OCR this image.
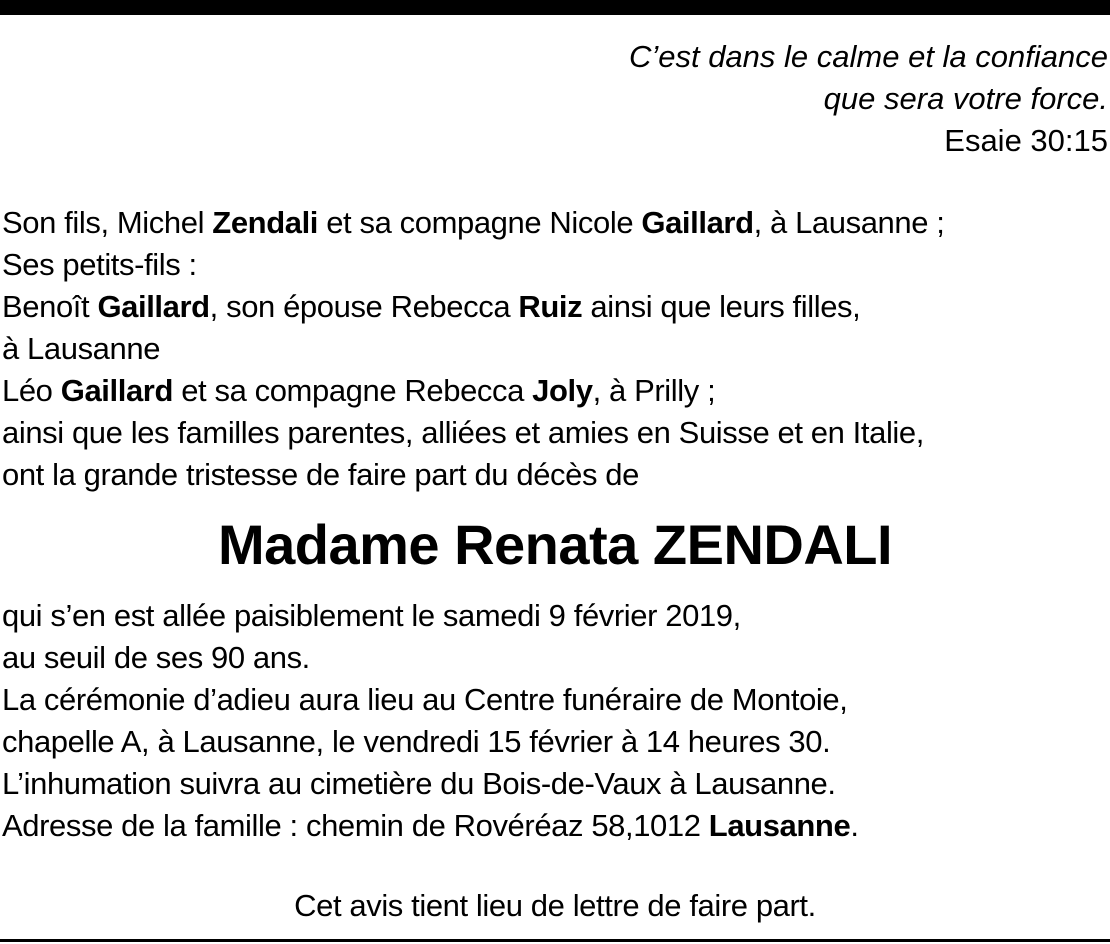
C’est dans le calme et la confiance
que sera votre force.
Esaie 30:15
Son fils, Michel Zendali et sa compagne Nicole Gaillard, à Lausanne ;
Ses petits-fils :
Benoît Gaillard, son épouse Rebecca Ruiz ainsi que leurs filles,
à Lausanne
Léo Gaillard et sa compagne Rebecca Joly, à Prilly ;
ainsi que les familles parentes, alliées et amies en Suisse et en Italie,
ont la grande tristesse de faire part du décès de
Madame Renata ZENDALI
qui s’en est allée paisiblement le samedi 9 février 2019,
au seuil de ses 90 ans.
La cérémonie d’adieu aura lieu au Centre funéraire de Montoie,
chapelle A, à Lausanne, le vendredi 15 février à 14 heures 30.
L’inhumation suivra au cimetière du Bois-de-Vaux à Lausanne.
Adresse de la famille : chemin de Rovéréaz 58,1012 Lausanne.
Cet avis tient lieu de lettre de faire part.
